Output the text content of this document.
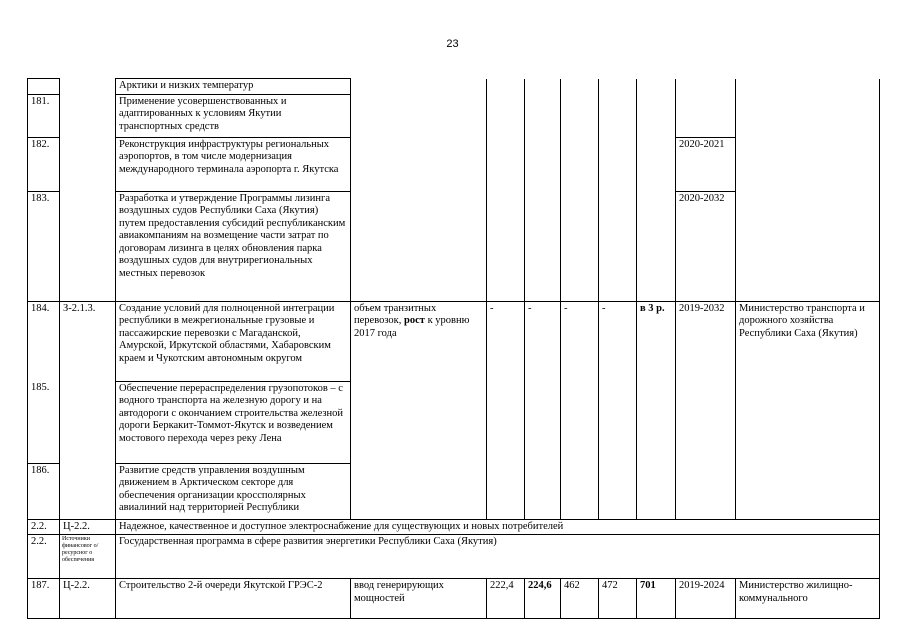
23
		Арктики и низких температур								
181.		Применение усовершенствованных и адаптированных к условиям Якутии транспортных средств								
182.		Реконструкция инфраструктуры региональных аэропортов, в том числе модернизация международного терминала аэропорта г. Якутска							2020-2021	
183.		Разработка и утверждение Программы лизинга воздушных судов Республики Саха (Якутия) путем предоставления субсидий республиканским авиакомпаниям на возмещение части затрат по договорам лизинга в целях обновления парка воздушных судов для внутрирегиональных местных перевозок							2020-2032	
184.	З-2.1.3.	Создание условий для полноценной интеграции республики в межрегиональные грузовые и пассажирские перевозки с Магаданской, Амурской, Иркутской областями, Хабаровским краем и Чукотским автономным округом	объем транзитных перевозок, рост к уровню 2017 года	-	-	-	-	в 3 р.	2019-2032	Министерство транспорта и дорожного хозяйства Республики Саха (Якутия)
185.		Обеспечение перераспределения грузопотоков – с водного транспорта на железную дорогу и на автодороги с окончанием строительства железной дороги Беркакит-Томмот-Якутск и возведением мостового перехода через реку Лена								
186.		Развитие средств управления воздушным движением в Арктическом секторе для обеспечения организации кроссполярных авиалиний над территорией Республики								
2.2.	Ц-2.2.	Надежное, качественное и доступное электроснабжение для существующих и новых потребителей								
2.2.	Источники финансовог о/ресурсног о обеспечения	Государственная программа в сфере развития энергетики Республики Саха (Якутия)								
187.	Ц-2.2.	Строительство 2-й очереди Якутской ГРЭС-2	ввод генерирующих мощностей	222,4	224,6	462	472	701	2019-2024	Министерство жилищно-коммунального
